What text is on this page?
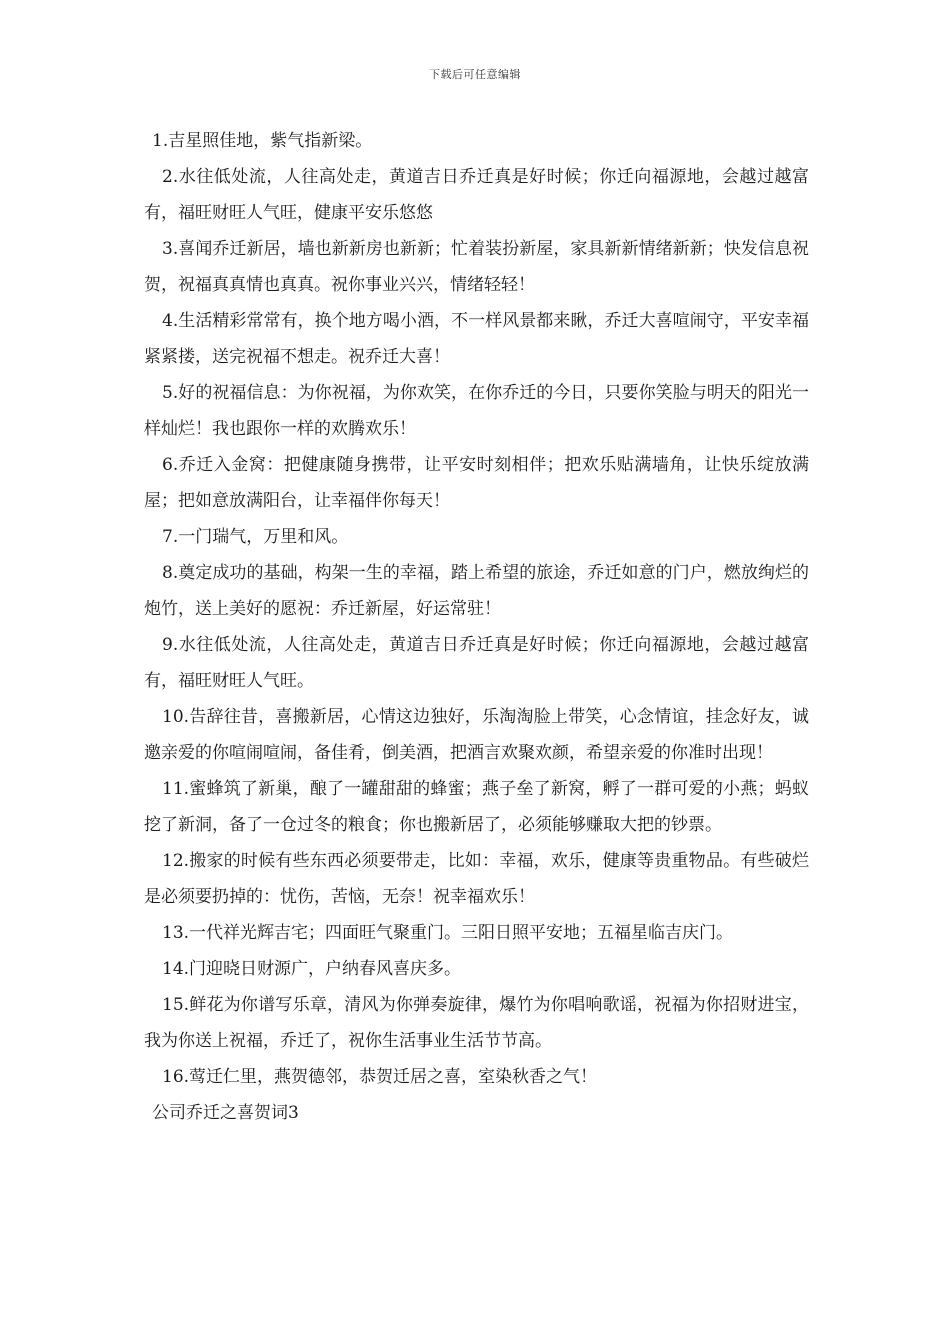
下载后可任意编辑

1.吉星照佳地，紫气指新梁。

2.水往低处流，人往高处走，黄道吉日乔迁真是好时候；你迁向福源地，会越过越富有，福旺财旺人气旺，健康平安乐悠悠

3.喜闻乔迁新居，墙也新新房也新新；忙着装扮新屋，家具新新情绪新新；快发信息祝贺，祝福真真情也真真。祝你事业兴兴，情绪轻轻！

4.生活精彩常常有，换个地方喝小酒，不一样风景都来瞅，乔迁大喜喧闹守，平安幸福紧紧搂，送完祝福不想走。祝乔迁大喜！

5.好的祝福信息：为你祝福，为你欢笑，在你乔迁的今日，只要你笑脸与明天的阳光一样灿烂！我也跟你一样的欢腾欢乐！

6.乔迁入金窝：把健康随身携带，让平安时刻相伴；把欢乐贴满墙角，让快乐绽放满屋；把如意放满阳台，让幸福伴你每天！

7.一门瑞气，万里和风。

8.奠定成功的基础，构架一生的幸福，踏上希望的旅途，乔迁如意的门户，燃放绚烂的炮竹，送上美好的愿祝：乔迁新屋，好运常驻！

9.水往低处流，人往高处走，黄道吉日乔迁真是好时候；你迁向福源地，会越过越富有，福旺财旺人气旺。

10.告辞往昔，喜搬新居，心情这边独好，乐淘淘脸上带笑，心念情谊，挂念好友，诚邀亲爱的你喧闹喧闹，备佳肴，倒美酒，把酒言欢聚欢颜，希望亲爱的你准时出现！

11.蜜蜂筑了新巢，酿了一罐甜甜的蜂蜜；燕子垒了新窝，孵了一群可爱的小燕；蚂蚁挖了新洞，备了一仓过冬的粮食；你也搬新居了，必须能够赚取大把的钞票。

12.搬家的时候有些东西必须要带走，比如：幸福，欢乐，健康等贵重物品。有些破烂是必须要扔掉的：忧伤，苦恼，无奈！祝幸福欢乐！

13.一代祥光辉吉宅；四面旺气聚重门。三阳日照平安地；五福星临吉庆门。

14.门迎晓日财源广，户纳春风喜庆多。

15.鲜花为你谱写乐章，清风为你弹奏旋律，爆竹为你唱响歌谣，祝福为你招财进宝，我为你送上祝福，乔迁了，祝你生活事业生活节节高。

16.莺迁仁里，燕贺德邻，恭贺迁居之喜，室染秋香之气！

公司乔迁之喜贺词3
